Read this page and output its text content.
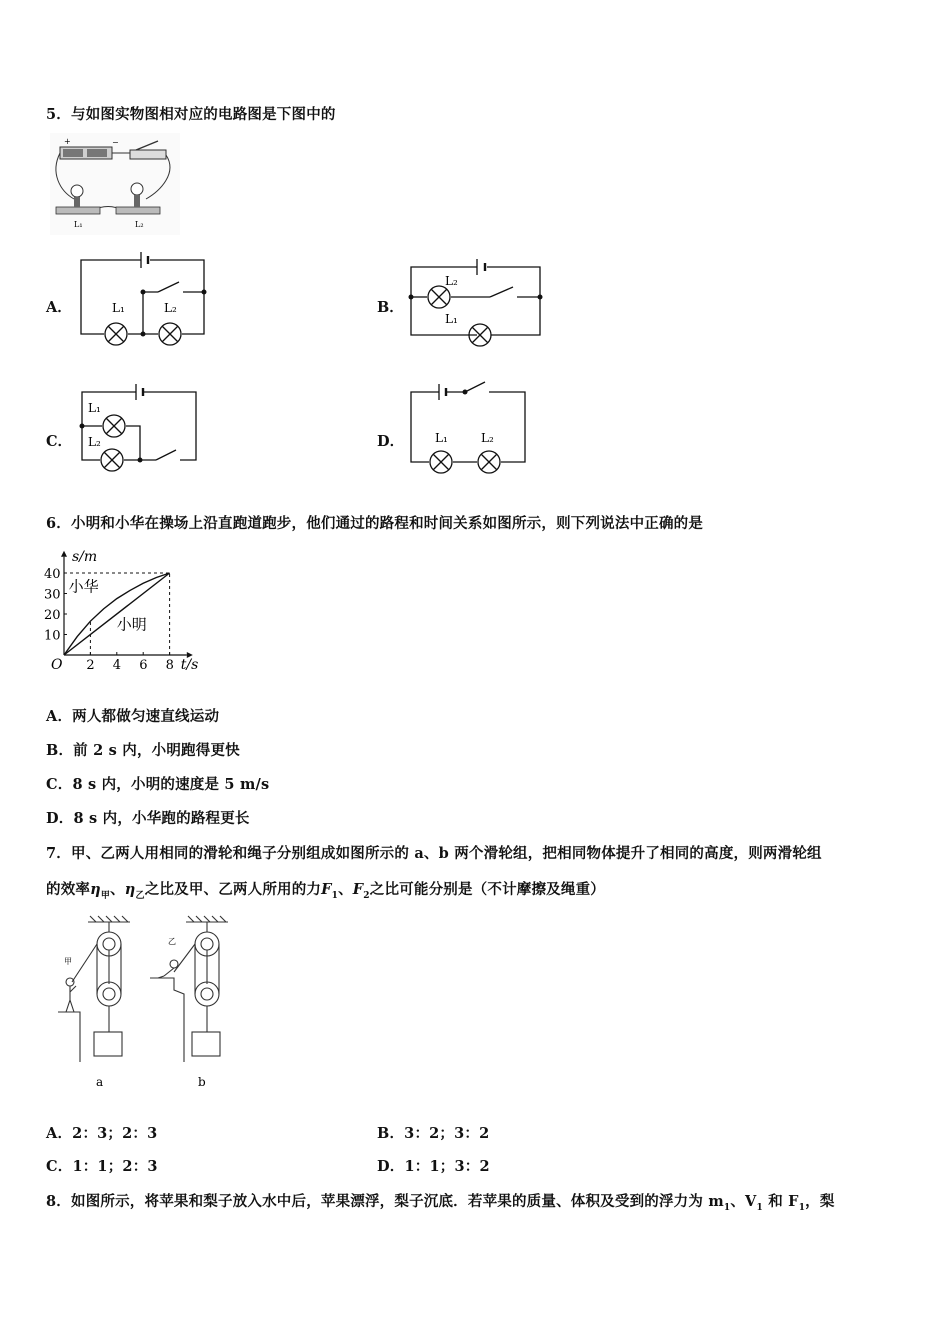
5．与如图实物图相对应的电路图是下图中的
+	−
L₁	L₂
A．	L₁	L₂	B．
L₂
L₁
C．
L₁
L₂	D．	L₁	L₂
6．小明和小华在操场上沿直跑道跑步，他们通过的路程和时间关系如图所示，则下列说法中正确的是
2 4 6 8
10
20
30
40
小华
小明
s/m
t/s
O
A．两人都做匀速直线运动
B．前 2 s 内，小明跑得更快
C．8 s 内，小明的速度是 5 m/s
D．8 s 内，小华跑的路程更长
7．甲、乙两人用相同的滑轮和绳子分别组成如图所示的 a、b 两个滑轮组，把相同物体提升了相同的高度，则两滑轮组
的效率$\eta_甲$、$\eta_乙$之比及甲、乙两人所用的力$F_1$、$F_2$之比可能分别是（不计摩擦及绳重）
甲
乙
a	b
A．2：3；2：3	B．3：2；3：2
C．1：1；2：3	D．1：1；3：2
8．如图所示，将苹果和梨子放入水中后，苹果漂浮，梨子沉底．若苹果的质量、体积及受到的浮力为 $m_1$、$V_1$ 和 $F_1$，梨
